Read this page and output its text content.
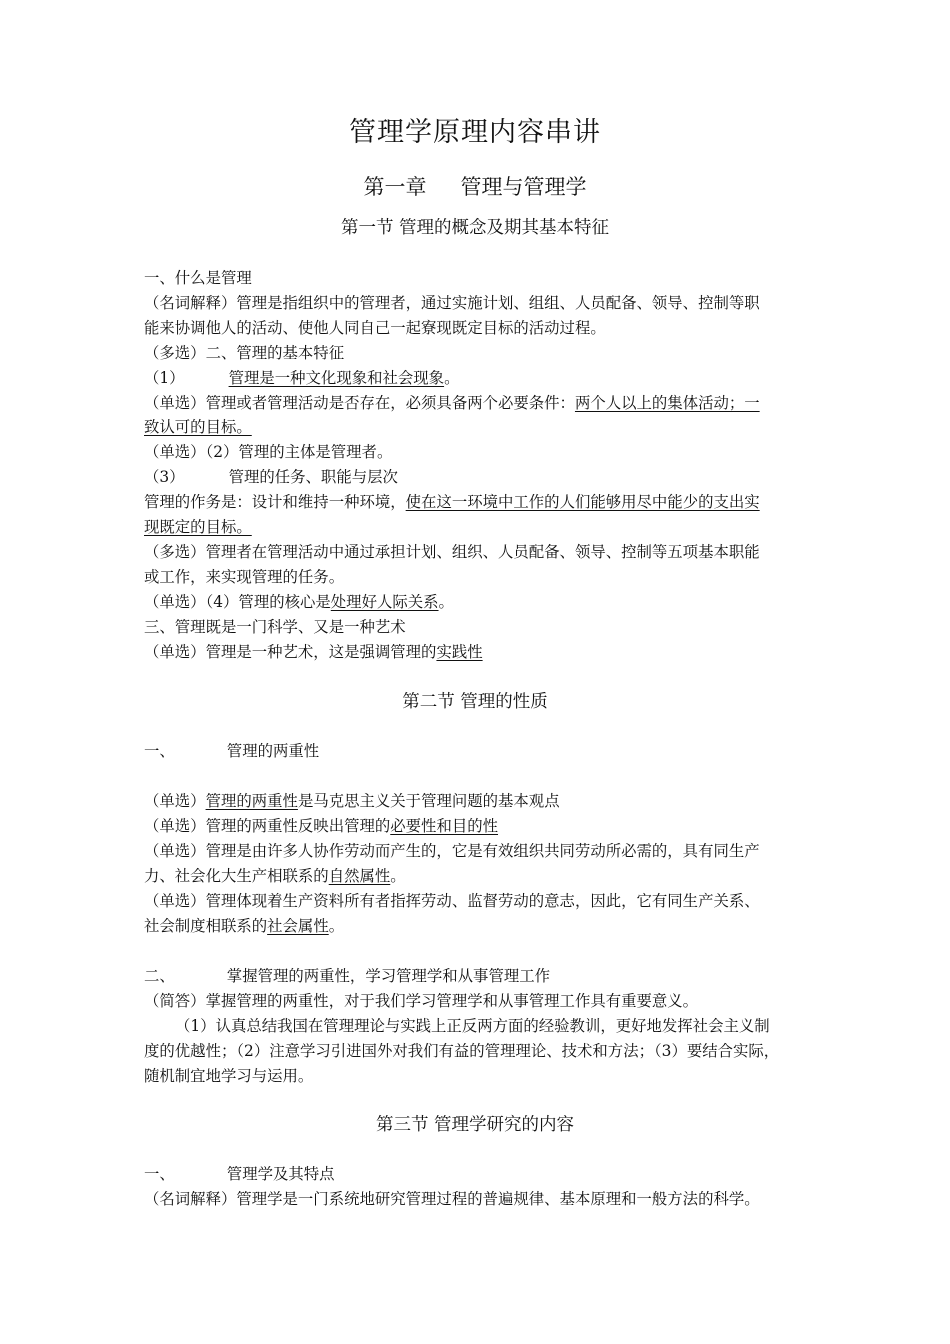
管理学原理内容串讲
第一章 管理与管理学
第一节 管理的概念及期其基本特征
一、什么是管理
（名词解释）管理是指组织中的管理者，通过实施计划、组组、人员配备、领导、控制等职
能来协调他人的活动、使他人同自己一起寮现既定目标的活动过程。
（多选）二、管理的基本特征
（1）	管理是一种文化现象和社会现象。
（单选）管理或者管理活动是否存在，必须具备两个必要条件：两个人以上的集体活动；一
致认可的目标。
（单选）（2）管理的主体是管理者。
（3）	管理的任务、职能与层次
管理的作务是：设计和维持一种环境，使在这一环境中工作的人们能够用尽中能少的支出实
现既定的目标。
（多选）管理者在管理活动中通过承担计划、组织、人员配备、领导、控制等五项基本职能
或工作，来实现管理的任务。
（单选）（4）管理的核心是处理好人际关系。
三、管理既是一门科学、又是一种艺术
（单选）管理是一种艺术，这是强调管理的实践性
第二节 管理的性质
一、	管理的两重性
（单选）管理的两重性是马克思主义关于管理问题的基本观点
（单选）管理的两重性反映出管理的必要性和目的性
（单选）管理是由许多人协作劳动而产生的，它是有效组织共同劳动所必需的，具有同生产
力、社会化大生产相联系的自然属性。
（单选）管理体现着生产资料所有者指挥劳动、监督劳动的意志，因此，它有同生产关系、
社会制度相联系的社会属性。
二、	掌握管理的两重性，学习管理学和从事管理工作
（简答）掌握管理的两重性，对于我们学习管理学和从事管理工作具有重要意义。
（1）认真总结我国在管理理论与实践上正反两方面的经验教训，更好地发挥社会主义制
度的优越性；（2）注意学习引进国外对我们有益的管理理论、技术和方法；（3）要结合实际，
随机制宜地学习与运用。
第三节 管理学研究的内容
一、	管理学及其特点
（名词解释）管理学是一门系统地研究管理过程的普遍规律、基本原理和一般方法的科学。
